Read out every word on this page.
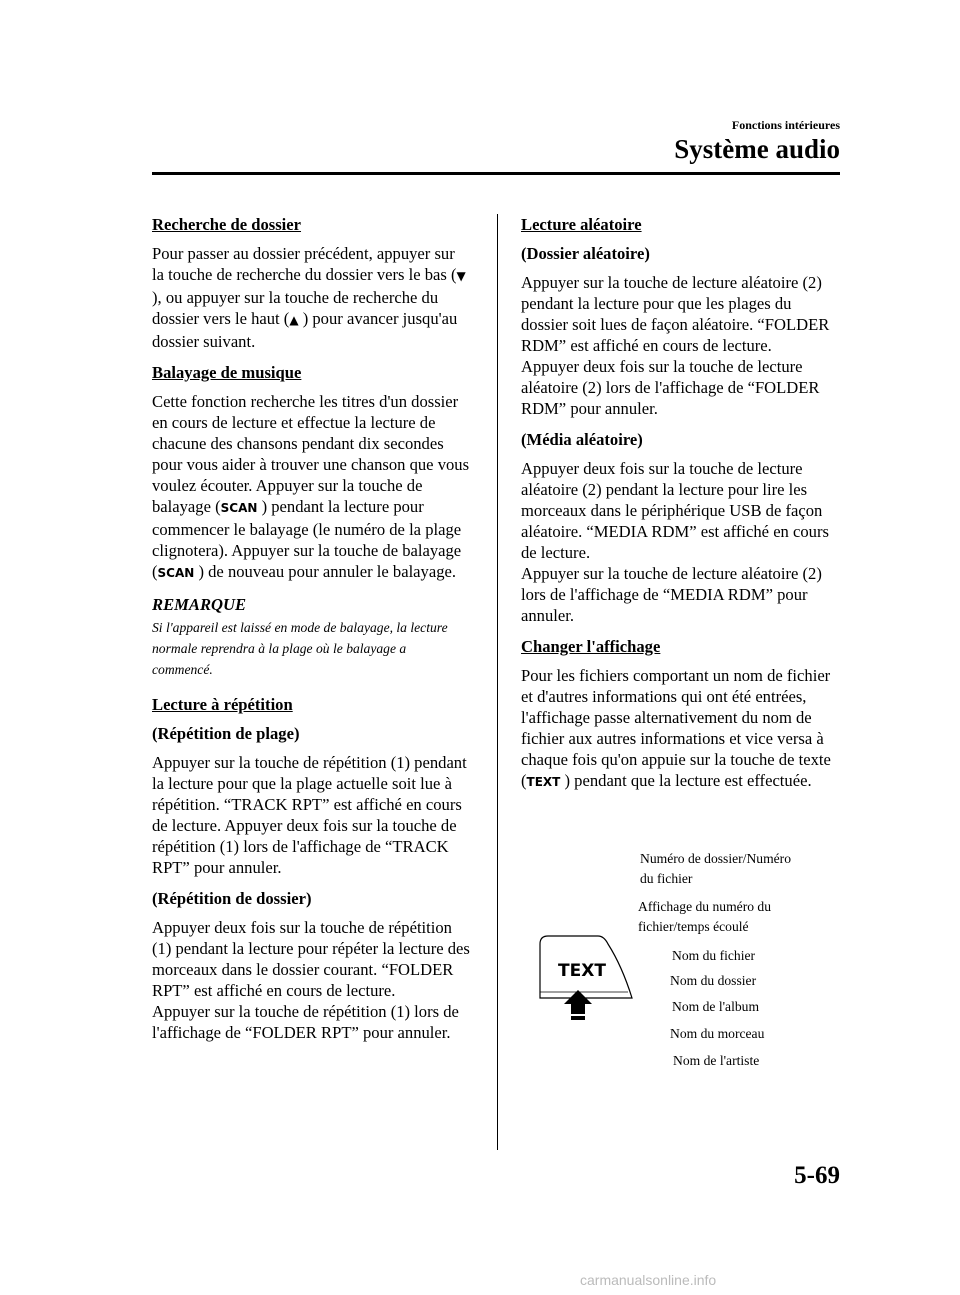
Fonctions intérieures
Système audio
Recherche de dossier

Pour passer au dossier précédent, appuyer sur la touche de recherche du dossier vers le bas (▼ ), ou appuyer sur la touche de recherche du dossier vers le haut (▲ ) pour avancer jusqu'au dossier suivant.

Balayage de musique

Cette fonction recherche les titres d'un dossier en cours de lecture et effectue la lecture de chacune des chansons pendant dix secondes pour vous aider à trouver une chanson que vous voulez écouter. Appuyer sur la touche de balayage (SCAN ) pendant la lecture pour commencer le balayage (le numéro de la plage clignotera). Appuyer sur la touche de balayage (SCAN ) de nouveau pour annuler le balayage.

REMARQUE
Si l'appareil est laissé en mode de balayage, la lecture normale reprendra à la plage où le balayage a commencé.
Lecture à répétition
(Répétition de plage)

Appuyer sur la touche de répétition (1) pendant la lecture pour que la plage actuelle soit lue à répétition. “TRACK RPT” est affiché en cours de lecture. Appuyer deux fois sur la touche de répétition (1) lors de l'affichage de “TRACK RPT” pour annuler.

(Répétition de dossier)

Appuyer deux fois sur la touche de répétition (1) pendant la lecture pour répéter la lecture des morceaux dans le dossier courant. “FOLDER RPT” est affiché en cours de lecture.
Appuyer sur la touche de répétition (1) lors de l'affichage de “FOLDER RPT” pour annuler.

Lecture aléatoire
(Dossier aléatoire)

Appuyer sur la touche de lecture aléatoire (2) pendant la lecture pour que les plages du dossier soit lues de façon aléatoire. “FOLDER RDM” est affiché en cours de lecture.
Appuyer deux fois sur la touche de lecture aléatoire (2) lors de l'affichage de “FOLDER RDM” pour annuler.

(Média aléatoire)

Appuyer deux fois sur la touche de lecture aléatoire (2) pendant la lecture pour lire les morceaux dans le périphérique USB de façon aléatoire. “MEDIA RDM” est affiché en cours de lecture.
Appuyer sur la touche de lecture aléatoire (2) lors de l'affichage de “MEDIA RDM” pour annuler.

Changer l'affichage

Pour les fichiers comportant un nom de fichier et d'autres informations qui ont été entrées, l'affichage passe alternativement du nom de fichier aux autres informations et vice versa à chaque fois qu'on appuie sur la touche de texte (TEXT ) pendant que la lecture est effectuée.

TEXT
Numéro de dossier/Numéro
du fichier
Affichage du numéro du
fichier/temps écoulé
Nom du fichier
Nom du dossier
Nom de l'album
Nom du morceau
Nom de l'artiste
5-69
carmanualsonline.info
